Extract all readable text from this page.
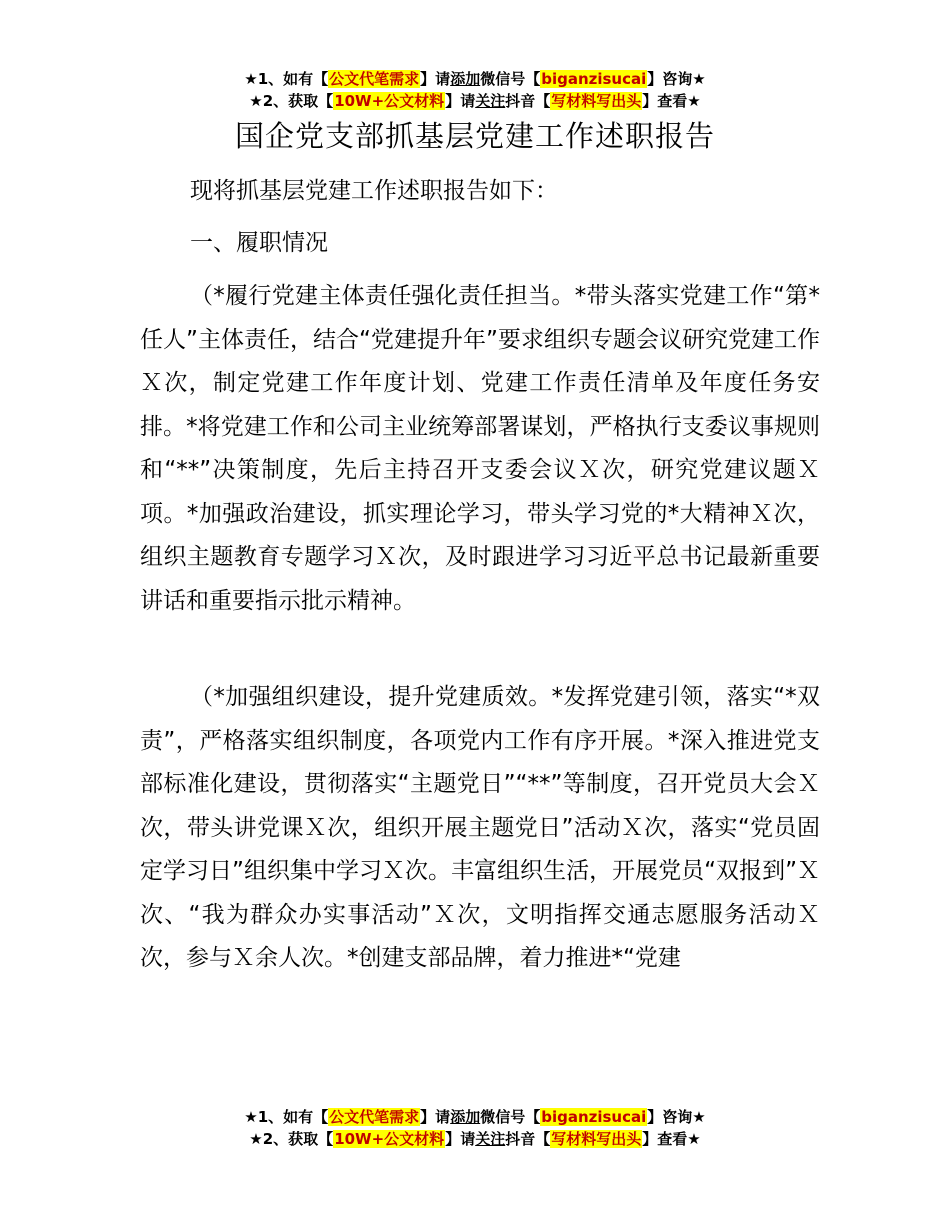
★1、如有【公文代笔需求】请添加微信号【biganzisucai】咨询★
★2、获取【10W+公文材料】请关注抖音【写材料写出头】查看★
国企党支部抓基层党建工作述职报告

现将抓基层党建工作述职报告如下：

一、履职情况

（*履行党建主体责任强化责任担当。*带头落实党建工作“第*任人”主体责任，结合“党建提升年”要求组织专题会议研究党建工作Ｘ次，制定党建工作年度计划、党建工作责任清单及年度任务安排。*将党建工作和公司主业统筹部署谋划，严格执行支委议事规则和“**”决策制度，先后主持召开支委会议Ｘ次，研究党建议题Ｘ项。*加强政治建设，抓实理论学习，带头学习党的*大精神Ｘ次，组织主题教育专题学习Ｘ次，及时跟进学习习近平总书记最新重要讲话和重要指示批示精神。

（*加强组织建设，提升党建质效。*发挥党建引领，落实“*双责”，严格落实组织制度，各项党内工作有序开展。*深入推进党支部标准化建设，贯彻落实“主题党日”“**”等制度，召开党员大会Ｘ次，带头讲党课Ｘ次，组织开展主题党日”活动Ｘ次，落实“党员固定学习日”组织集中学习Ｘ次。丰富组织生活，开展党员“双报到”Ｘ次、“我为群众办实事活动”Ｘ次，文明指挥交通志愿服务活动Ｘ次，参与Ｘ余人次。*创建支部品牌，着力推进*“党建

★1、如有【公文代笔需求】请添加微信号【biganzisucai】咨询★
★2、获取【10W+公文材料】请关注抖音【写材料写出头】查看★
